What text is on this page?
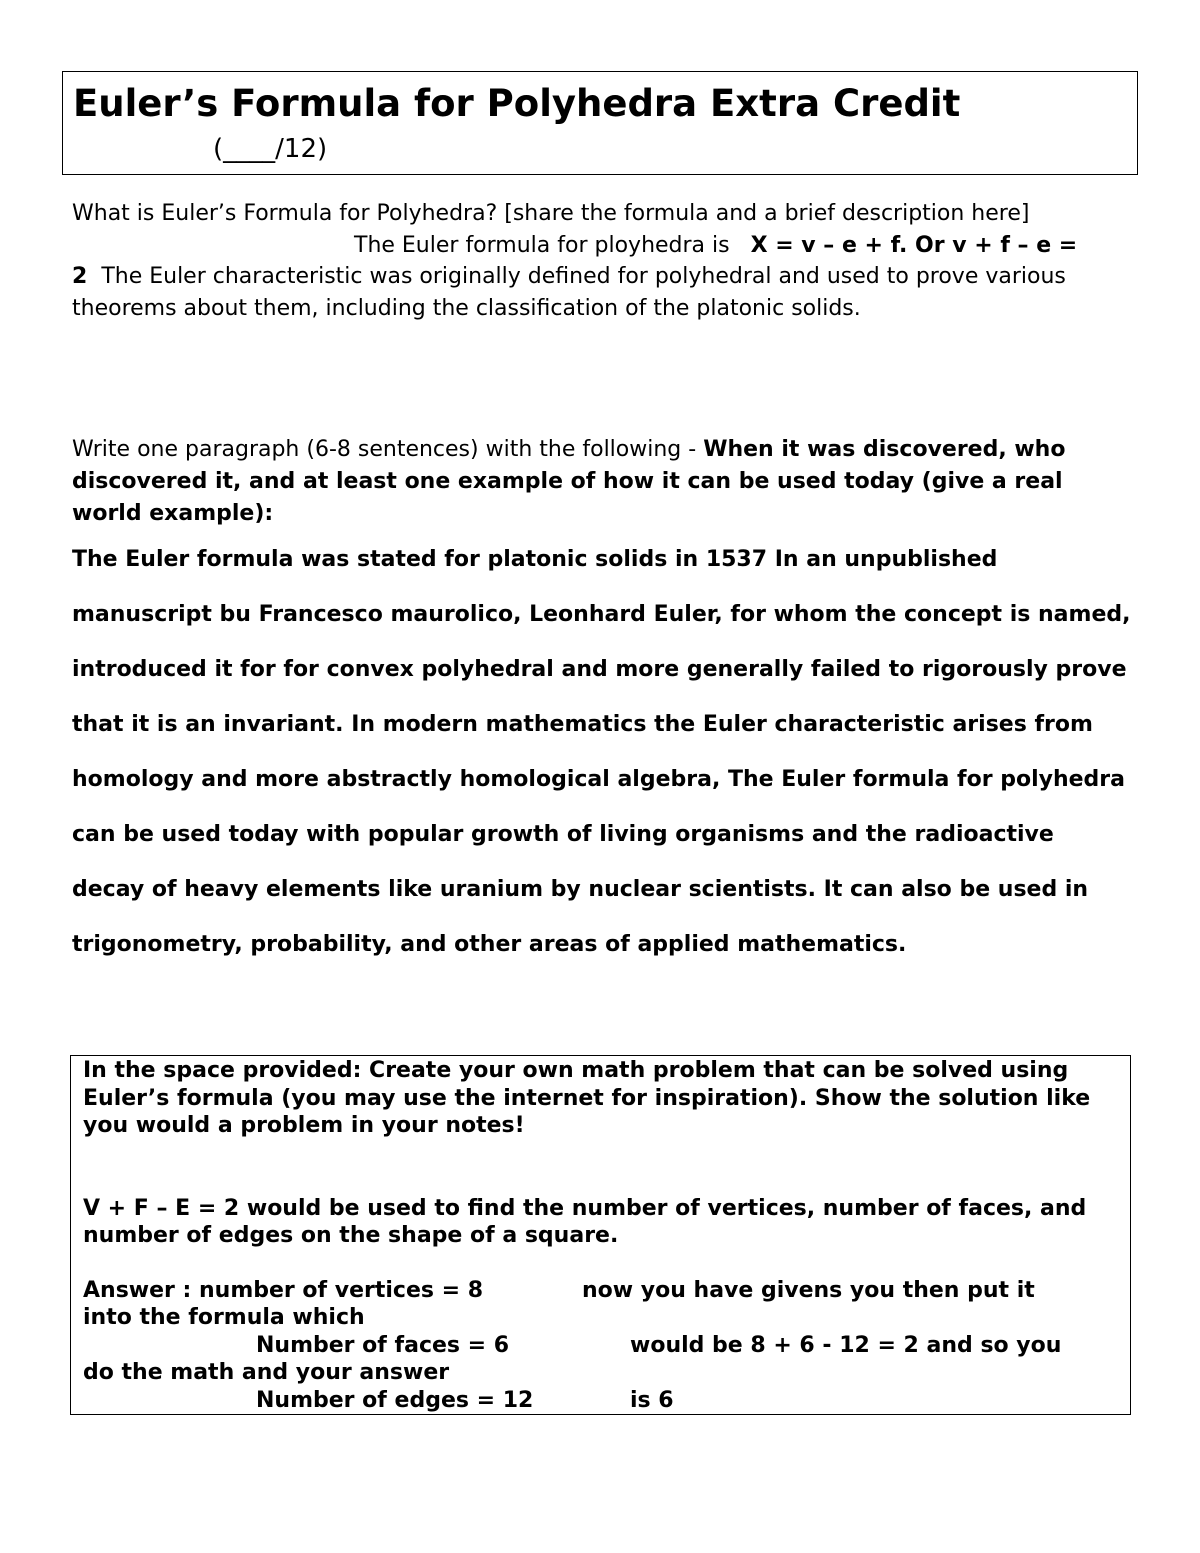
Euler’s Formula for Polyhedra Extra Credit
(____/12)
What is Euler’s Formula for Polyhedra? [share the formula and a brief description here]
The Euler formula for ployhedra is X = v – e + f. Or v + f – e = 2 The Euler characteristic was originally defined for polyhedral and used to prove various theorems about them, including the classification of the platonic solids.
Write one paragraph (6-8 sentences) with the following - When it was discovered, who discovered it, and at least one example of how it can be used today (give a real world example):
The Euler formula was stated for platonic solids in 1537 In an unpublished manuscript bu Francesco maurolico, Leonhard Euler, for whom the concept is named, introduced it for for convex polyhedral and more generally failed to rigorously prove that it is an invariant. In modern mathematics the Euler characteristic arises from homology and more abstractly homological algebra, The Euler formula for polyhedra can be used today with popular growth of living organisms and the radioactive decay of heavy elements like uranium by nuclear scientists. It can also be used in trigonometry, probability, and other areas of applied mathematics.
In the space provided: Create your own math problem that can be solved using Euler’s formula (you may use the internet for inspiration). Show the solution like you would a problem in your notes!
V + F – E = 2 would be used to find the number of vertices, number of faces, and number of edges on the shape of a square.
Answer : number of vertices = 8	now you have givens you then put it
into the formula which
Number of faces = 6	would be 8 + 6 - 12 = 2 and so you
do the math and your answer
Number of edges = 12	is 6
